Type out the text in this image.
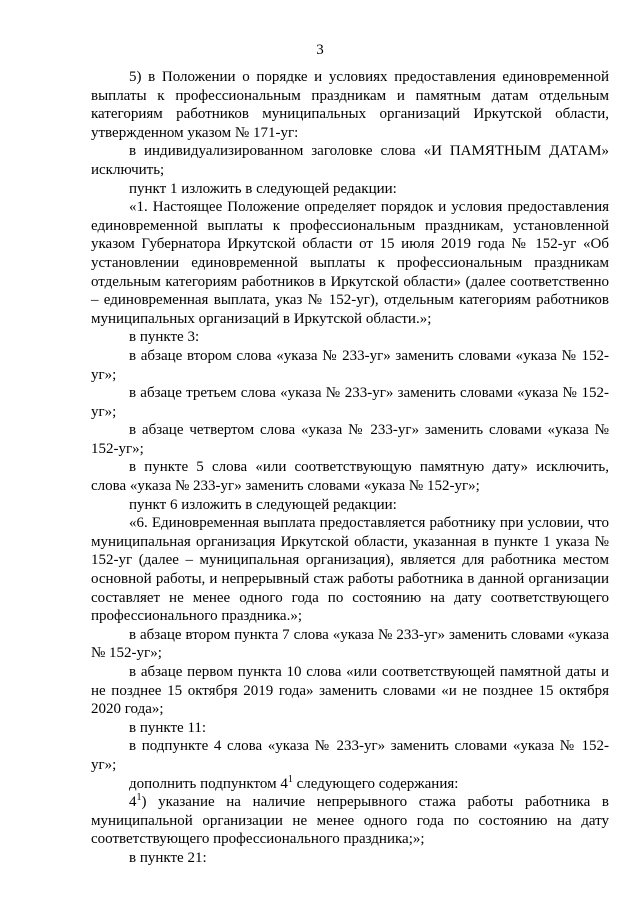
3

5) в Положении о порядке и условиях предоставления единовременной выплаты к профессиональным праздникам и памятным датам отдельным категориям работников муниципальных организаций Иркутской области, утвержденном указом № 171-уг:

в индивидуализированном заголовке слова «И ПАМЯТНЫМ ДАТАМ» исключить;

пункт 1 изложить в следующей редакции:

«1. Настоящее Положение определяет порядок и условия предоставления единовременной выплаты к профессиональным праздникам, установленной указом Губернатора Иркутской области от 15 июля 2019 года № 152-уг «Об установлении единовременной выплаты к профессиональным праздникам отдельным категориям работников в Иркутской области» (далее соответственно – единовременная выплата, указ № 152-уг), отдельным категориям работников муниципальных организаций в Иркутской области.»;

в пункте 3:

в абзаце втором слова «указа № 233-уг» заменить словами «указа № 152-уг»;

в абзаце третьем слова «указа № 233-уг» заменить словами «указа № 152-уг»;

в абзаце четвертом слова «указа № 233-уг» заменить словами «указа № 152-уг»;

в пункте 5 слова «или соответствующую памятную дату» исключить, слова «указа № 233-уг» заменить словами «указа № 152-уг»;

пункт 6 изложить в следующей редакции:

«6. Единовременная выплата предоставляется работнику при условии, что муниципальная организация Иркутской области, указанная в пункте 1 указа № 152-уг (далее – муниципальная организация), является для работника местом основной работы, и непрерывный стаж работы работника в данной организации составляет не менее одного года по состоянию на дату соответствующего профессионального праздника.»;

в абзаце втором пункта 7 слова «указа № 233-уг» заменить словами «указа № 152-уг»;

в абзаце первом пункта 10 слова «или соответствующей памятной даты и не позднее 15 октября 2019 года» заменить словами «и не позднее 15 октября 2020 года»;

в пункте 11:

в подпункте 4 слова «указа № 233-уг» заменить словами «указа № 152-уг»;

дополнить подпунктом $4^1$ следующего содержания:

$4^1$) указание на наличие непрерывного стажа работы работника в муниципальной организации не менее одного года по состоянию на дату соответствующего профессионального праздника;»;

в пункте 21:
